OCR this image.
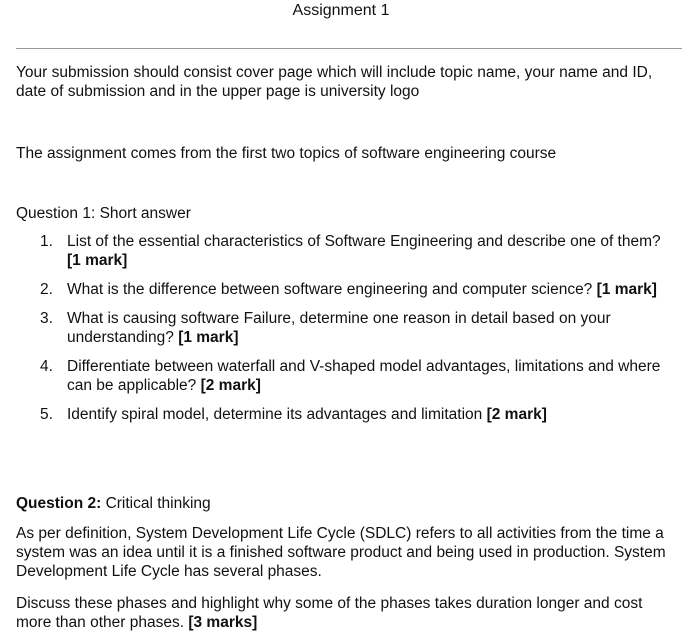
Assignment 1

Your submission should consist cover page which will include topic name, your name and ID, date of submission and in the upper page is university logo

The assignment comes from the first two topics of software engineering course

Question 1: Short answer

1. List of the essential characteristics of Software Engineering and describe one of them? [1 mark]
2. What is the difference between software engineering and computer science? [1 mark]
3. What is causing software Failure, determine one reason in detail based on your understanding? [1 mark]
4. Differentiate between waterfall and V-shaped model advantages, limitations and where can be applicable? [2 mark]
5. Identify spiral model, determine its advantages and limitation [2 mark]

Question 2: Critical thinking

As per definition, System Development Life Cycle (SDLC) refers to all activities from the time a system was an idea until it is a finished software product and being used in production. System Development Life Cycle has several phases.

Discuss these phases and highlight why some of the phases takes duration longer and cost more than other phases. [3 marks]
